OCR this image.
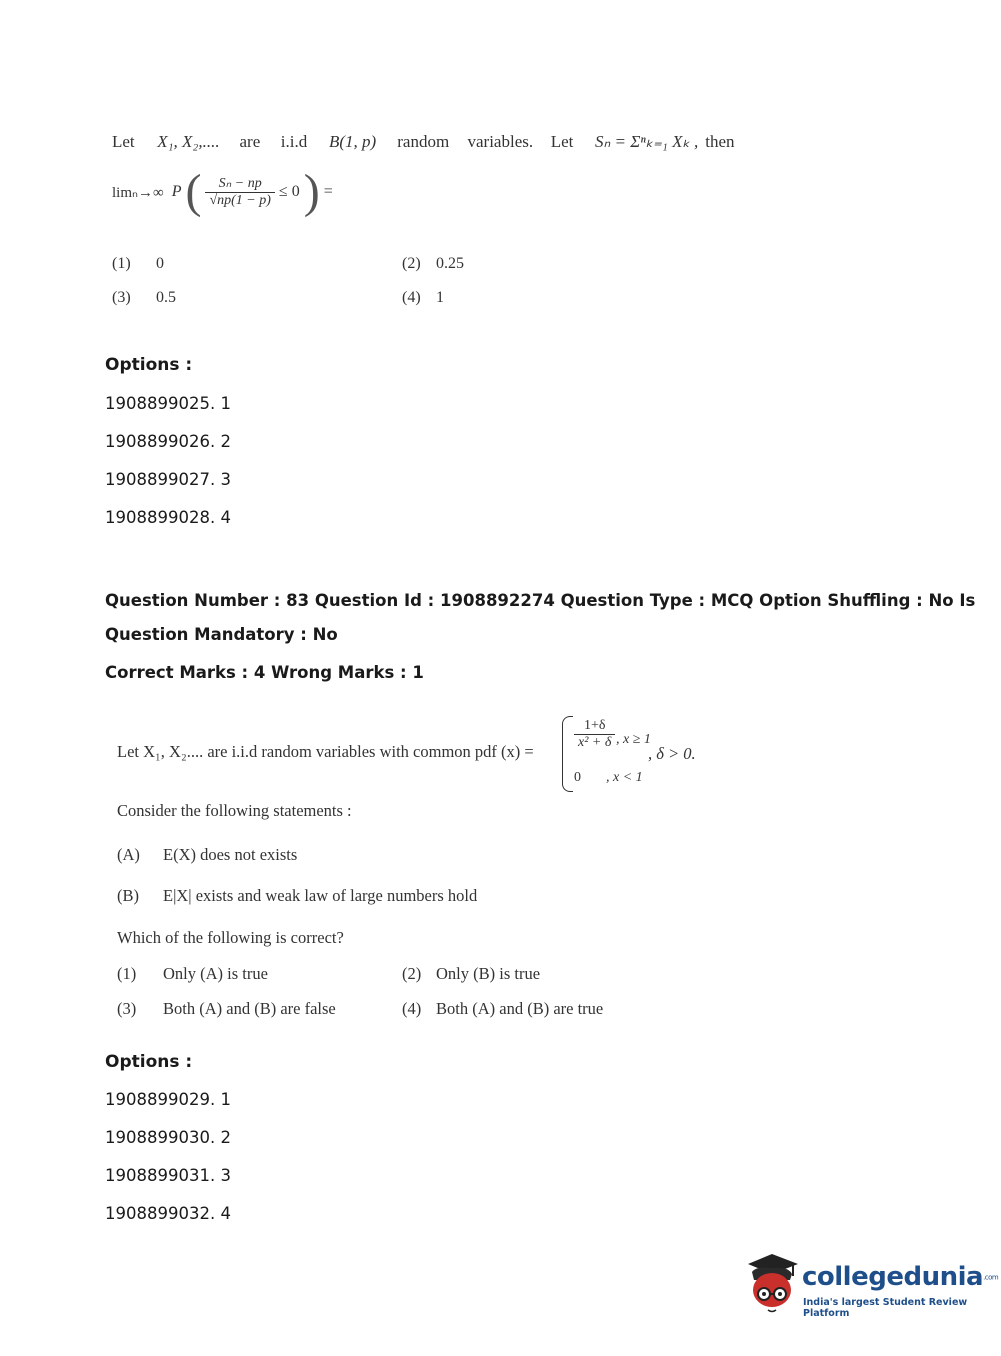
Let X₁, X₂,.... are i.i.d B(1, p) random variables. Let Sₙ = Σⁿₖ₌₁ Xₖ , then
limₙ→∞ P ( $\frac{\text{Sₙ − np}}{√np(1 - p)} \le 0$ ) =
(1) 0	(2) 0.25
(3) 0.5	(4) 1
Options :
1908899025. 1
1908899026. 2
1908899027. 3
1908899028. 4
Question Number : 83 Question Id : 1908892274 Question Type : MCQ Option Shuffling : No Is
Question Mandatory : No
Correct Marks : 4 Wrong Marks : 1
Let X₁, X₂.... are i.i.d random variables with common pdf (x) =
$\frac{1+\delta}{\text{x² + δ}}$ , x ≥ 1
0 , x < 1
, δ > 0.
Consider the following statements :
(A) E(X) does not exists
(B) E|X| exists and weak law of large numbers hold
Which of the following is correct?
(1) Only (A) is true	(2) Only (B) is true
(3) Both (A) and (B) are false	(4) Both (A) and (B) are true
Options :
1908899029. 1
1908899030. 2
1908899031. 3
1908899032. 4
collegedunia.com
India's largest Student Review Platform
